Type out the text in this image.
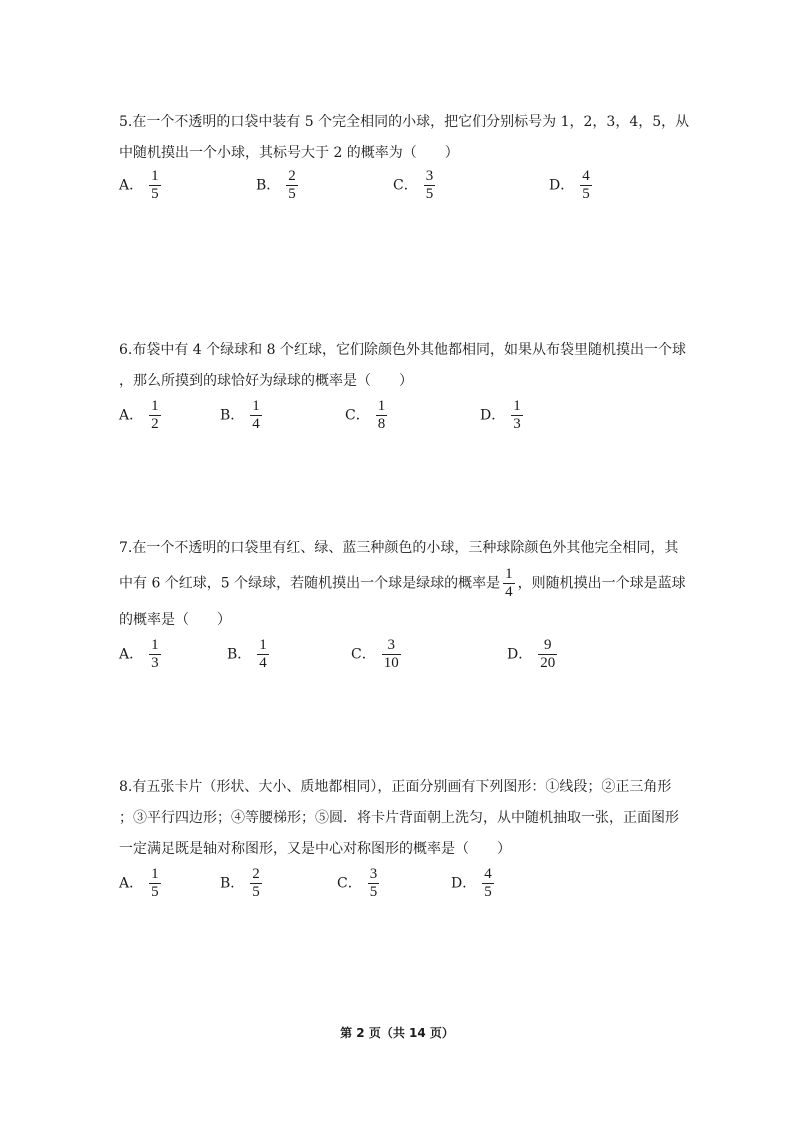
5.在一个不透明的口袋中装有 5 个完全相同的小球，把它们分别标号为 1，2，3，4，5，从
中随机摸出一个小球，其标号大于 2 的概率为（　　）
A． $\frac{1}{5}$	B． $\frac{2}{5}$	C． $\frac{3}{5}$	D． $\frac{4}{5}$
6.布袋中有 4 个绿球和 8 个红球，它们除颜色外其他都相同，如果从布袋里随机摸出一个球
，那么所摸到的球恰好为绿球的概率是（　　）
A． $\frac{1}{2}$	B． $\frac{1}{4}$	C． $\frac{1}{8}$	D． $\frac{1}{3}$
7.在一个不透明的口袋里有红、绿、蓝三种颜色的小球，三种球除颜色外其他完全相同，其
中有 6 个红球，5 个绿球，若随机摸出一个球是绿球的概率是 $\frac{1}{4}$ ，则随机摸出一个球是蓝球
的概率是（　　）
A． $\frac{1}{3}$	B． $\frac{1}{4}$	C． $\frac{3}{10}$	D． $\frac{9}{20}$
8.有五张卡片（形状、大小、质地都相同），正面分别画有下列图形：①线段；②正三角形
；③平行四边形；④等腰梯形；⑤圆．将卡片背面朝上洗匀，从中随机抽取一张，正面图形
一定满足既是轴对称图形，又是中心对称图形的概率是（　　）
A． $\frac{1}{5}$	B． $\frac{2}{5}$	C． $\frac{3}{5}$	D． $\frac{4}{5}$
第 2 页（共 14 页）
